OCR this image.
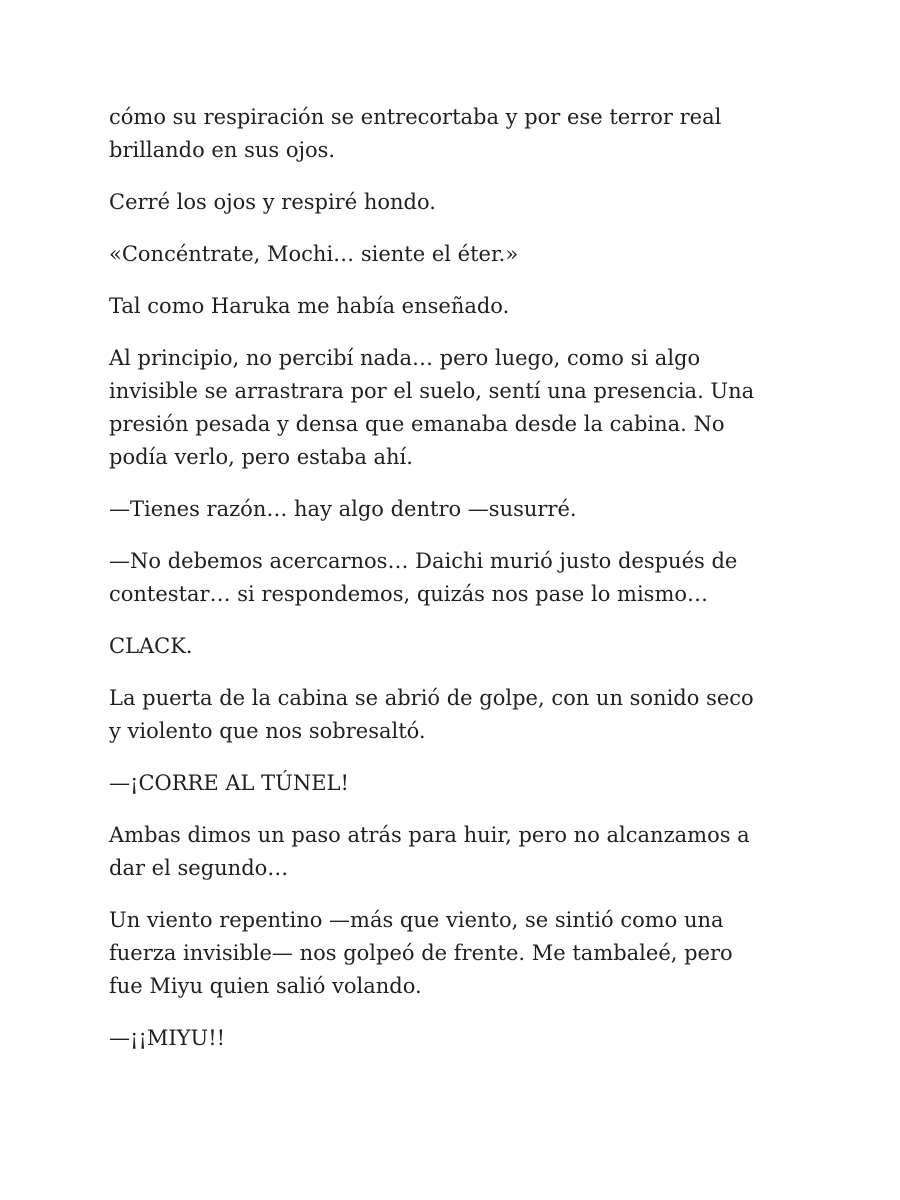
cómo su respiración se entrecortaba y por ese terror real
brillando en sus ojos.

Cerré los ojos y respiré hondo.

«Concéntrate, Mochi… siente el éter.»

Tal como Haruka me había enseñado.

Al principio, no percibí nada… pero luego, como si algo
invisible se arrastrara por el suelo, sentí una presencia. Una
presión pesada y densa que emanaba desde la cabina. No
podía verlo, pero estaba ahí.

—Tienes razón… hay algo dentro —susurré.

—No debemos acercarnos… Daichi murió justo después de
contestar… si respondemos, quizás nos pase lo mismo…

CLACK.

La puerta de la cabina se abrió de golpe, con un sonido seco
y violento que nos sobresaltó.

—¡CORRE AL TÚNEL!

Ambas dimos un paso atrás para huir, pero no alcanzamos a
dar el segundo…

Un viento repentino —más que viento, se sintió como una
fuerza invisible— nos golpeó de frente. Me tambaleé, pero
fue Miyu quien salió volando.

—¡¡MIYU!!
